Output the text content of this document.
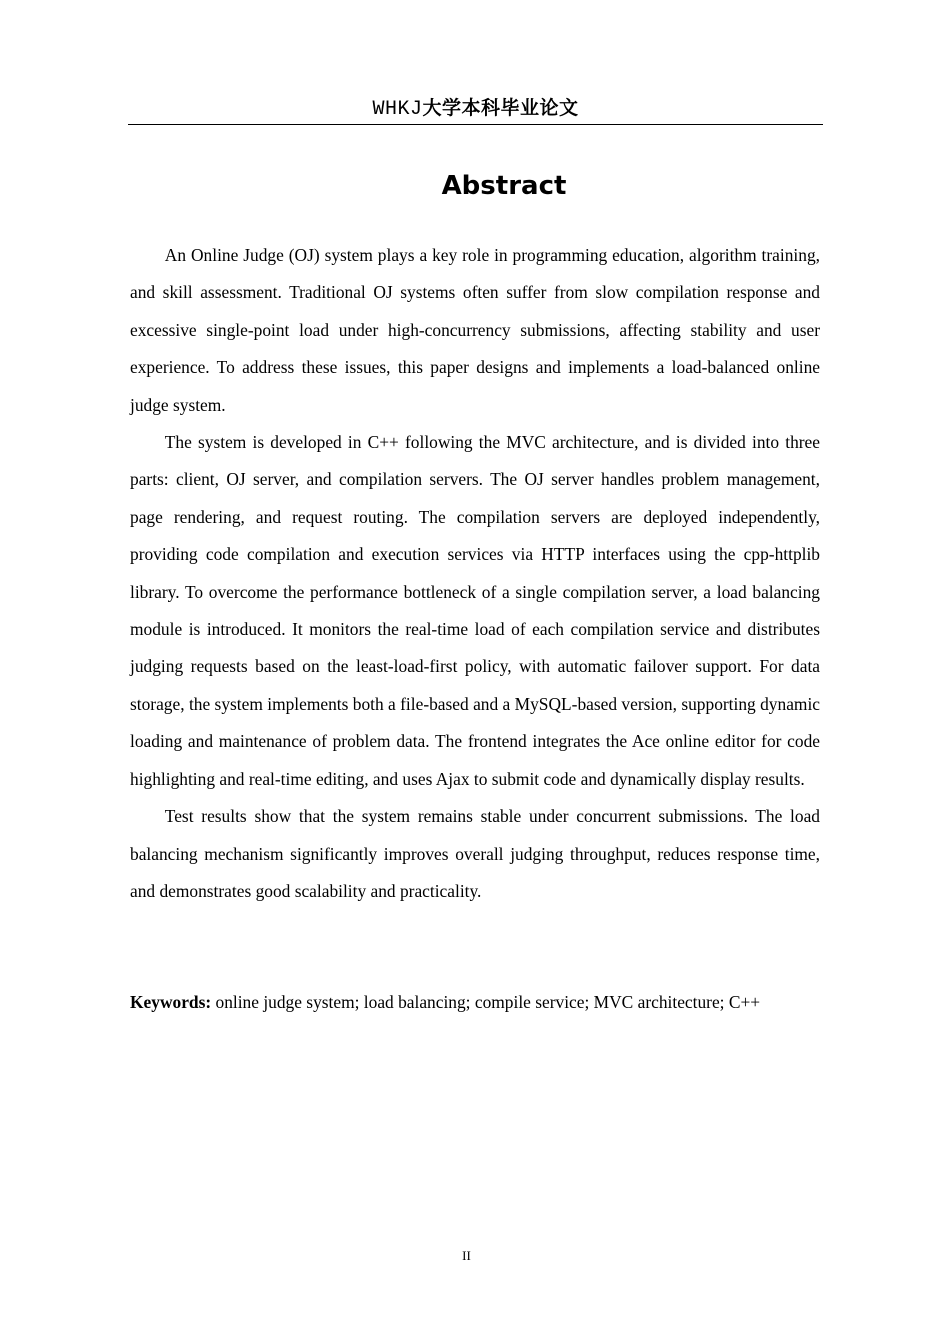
WHKJ大学本科毕业论文
Abstract

An Online Judge (OJ) system plays a key role in programming education, algorithm training, and skill assessment. Traditional OJ systems often suffer from slow compilation response and excessive single-point load under high-concurrency submissions, affecting stability and user experience. To address these issues, this paper designs and implements a load-balanced online judge system.

The system is developed in C++ following the MVC architecture, and is divided into three parts: client, OJ server, and compilation servers. The OJ server handles problem management, page rendering, and request routing. The compilation servers are deployed independently, providing code compilation and execution services via HTTP interfaces using the cpp-httplib library. To overcome the performance bottleneck of a single compilation server, a load balancing module is introduced. It monitors the real-time load of each compilation service and distributes judging requests based on the least-load-first policy, with automatic failover support. For data storage, the system implements both a file-based and a MySQL-based version, supporting dynamic loading and maintenance of problem data. The frontend integrates the Ace online editor for code highlighting and real-time editing, and uses Ajax to submit code and dynamically display results.

Test results show that the system remains stable under concurrent submissions. The load balancing mechanism significantly improves overall judging throughput, reduces response time, and demonstrates good scalability and practicality.

Keywords: online judge system; load balancing; compile service; MVC architecture; C++
II
